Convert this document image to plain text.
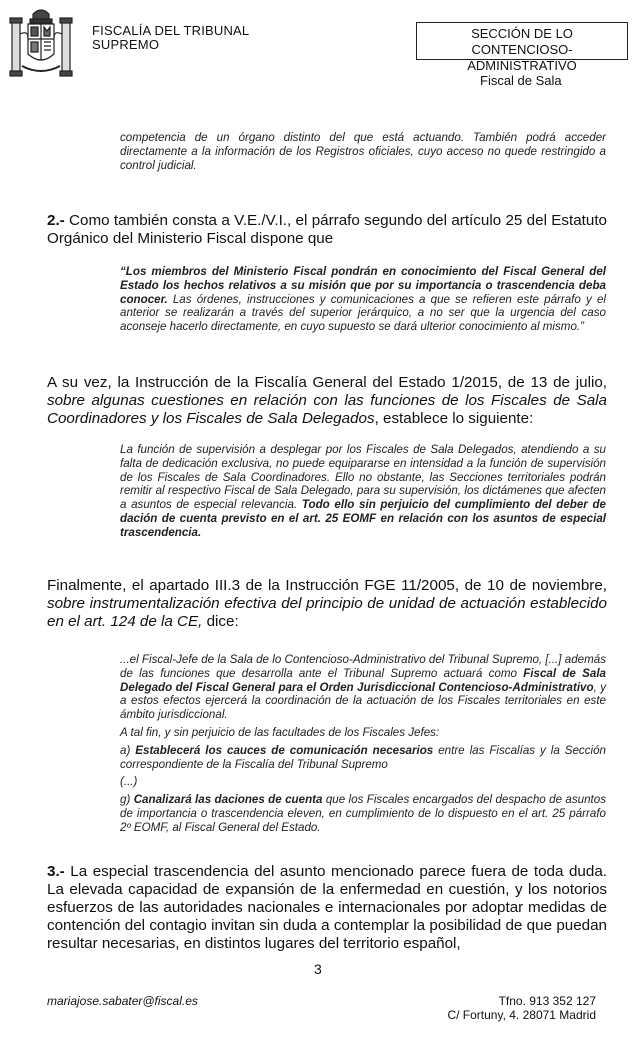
FISCALÍA DEL TRIBUNAL
SUPREMO
SECCIÓN DE LO
CONTENCIOSO-ADMINISTRATIVO
Fiscal de Sala
competencia de un órgano distinto del que está actuando. También podrá acceder directamente a la información de los Registros oficiales, cuyo acceso no quede restringido a control judicial.
2.- Como también consta a V.E./V.I., el párrafo segundo del artículo 25 del Estatuto Orgánico del Ministerio Fiscal dispone que
“Los miembros del Ministerio Fiscal pondrán en conocimiento del Fiscal General del Estado los hechos relativos a su misión que por su importancia o trascendencia deba conocer. Las órdenes, instrucciones y comunicaciones a que se refieren este párrafo y el anterior se realizarán a través del superior jerárquico, a no ser que la urgencia del caso aconseje hacerlo directamente, en cuyo supuesto se dará ulterior conocimiento al mismo.”
A su vez, la Instrucción de la Fiscalía General del Estado 1/2015, de 13 de julio, sobre algunas cuestiones en relación con las funciones de los Fiscales de Sala Coordinadores y los Fiscales de Sala Delegados, establece lo siguiente:
La función de supervisión a desplegar por los Fiscales de Sala Delegados, atendiendo a su falta de dedicación exclusiva, no puede equipararse en intensidad a la función de supervisión de los Fiscales de Sala Coordinadores. Ello no obstante, las Secciones territoriales podrán remitir al respectivo Fiscal de Sala Delegado, para su supervisión, los dictámenes que afecten a asuntos de especial relevancia. Todo ello sin perjuicio del cumplimiento del deber de dación de cuenta previsto en el art. 25 EOMF en relación con los asuntos de especial trascendencia.
Finalmente, el apartado III.3 de la Instrucción FGE 11/2005, de 10 de noviembre, sobre instrumentalización efectiva del principio de unidad de actuación establecido en el art. 124 de la CE, dice:
...el Fiscal-Jefe de la Sala de lo Contencioso-Administrativo del Tribunal Supremo, [...] además de las funciones que desarrolla ante el Tribunal Supremo actuará como Fiscal de Sala Delegado del Fiscal General para el Orden Jurisdiccional Contencioso-Administrativo, y a estos efectos ejercerá la coordinación de la actuación de los Fiscales territoriales en este ámbito jurisdiccional.
A tal fin, y sin perjuicio de las facultades de los Fiscales Jefes:
a) Establecerá los cauces de comunicación necesarios entre las Fiscalías y la Sección correspondiente de la Fiscalía del Tribunal Supremo
(...)
g) Canalizará las daciones de cuenta que los Fiscales encargados del despacho de asuntos de importancia o trascendencia eleven, en cumplimiento de lo dispuesto en el art. 25 párrafo 2º EOMF, al Fiscal General del Estado.
3.- La especial trascendencia del asunto mencionado parece fuera de toda duda. La elevada capacidad de expansión de la enfermedad en cuestión, y los notorios esfuerzos de las autoridades nacionales e internacionales por adoptar medidas de contención del contagio invitan sin duda a contemplar la posibilidad de que puedan resultar necesarias, en distintos lugares del territorio español,
3
mariajose.sabater@fiscal.es	Tfno. 913 352 127
C/ Fortuny, 4. 28071 Madrid
